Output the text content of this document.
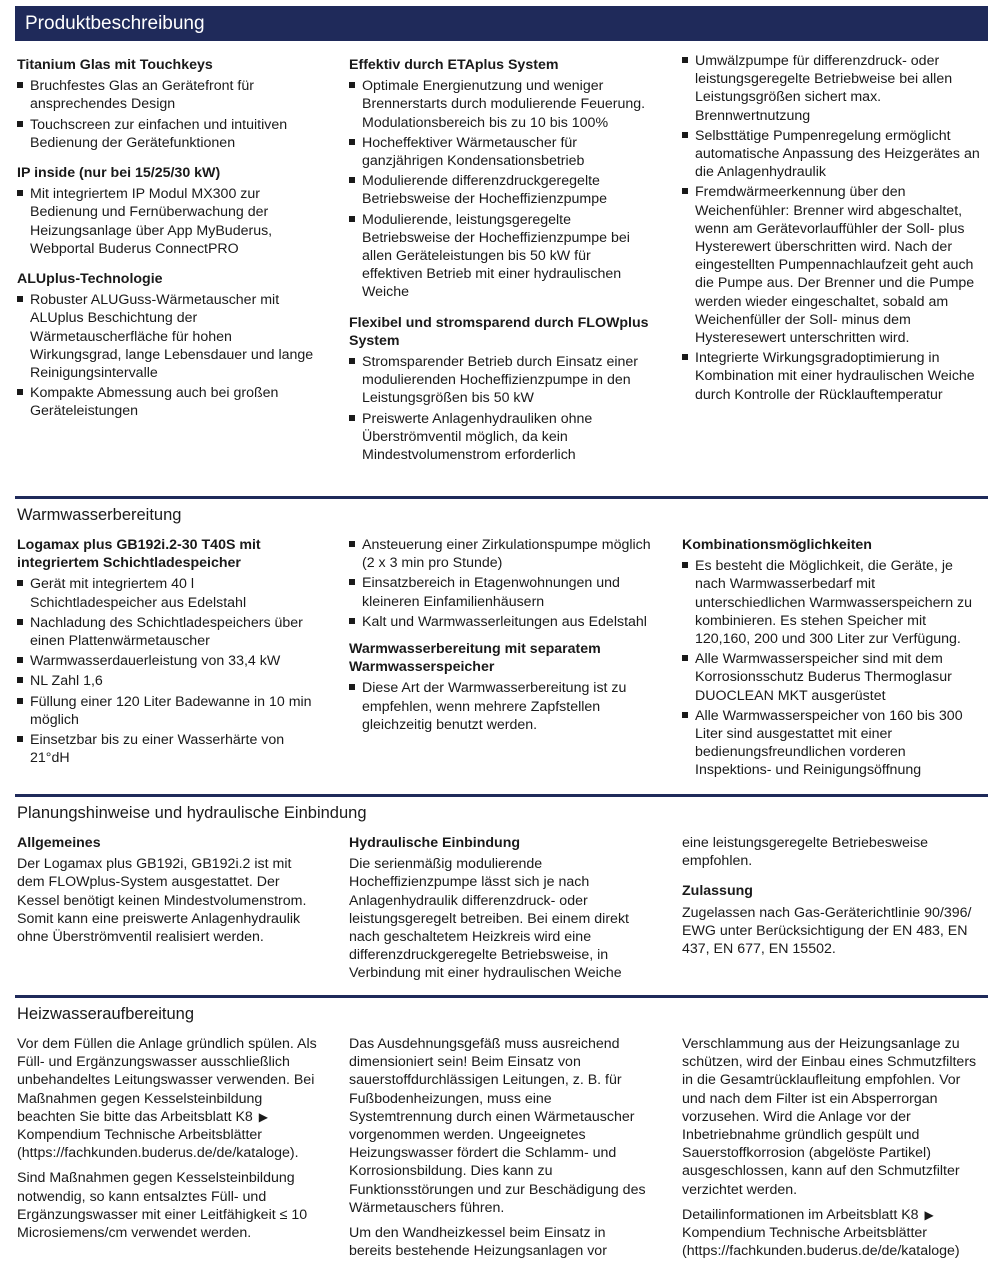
Produktbeschreibung
Titanium Glas mit Touchkeys
Bruchfestes Glas an Gerätefront für ansprechendes Design
Touchscreen zur einfachen und intuitiven Bedienung der Gerätefunktionen
IP inside (nur bei 15/25/30 kW)
Mit integriertem IP Modul MX300 zur Bedienung und Fernüberwachung der Heizungsanlage über App MyBuderus, Webportal Buderus ConnectPRO
ALUplus-Technologie
Robuster ALUGuss-Wärmetauscher mit ALUplus Beschichtung der Wärmetauscherfläche für hohen Wirkungsgrad, lange Lebensdauer und lange Reinigungsintervalle
Kompakte Abmessung auch bei großen Geräteleistungen
Effektiv durch ETAplus System
Optimale Energienutzung und weniger Brennerstarts durch modulierende Feuerung. Modulationsbereich bis zu 10 bis 100%
Hocheffektiver Wärmetauscher für ganzjährigen Kondensationsbetrieb
Modulierende differenzdruckgeregelte Betriebsweise der Hocheffizienzpumpe
Modulierende, leistungsgeregelte Betriebsweise der Hocheffizienzpumpe bei allen Geräteleistungen bis 50 kW für effektiven Betrieb mit einer hydraulischen Weiche
Flexibel und stromsparend durch FLOWplus System
Stromsparender Betrieb durch Einsatz einer modulierenden Hocheffizienzpumpe in den Leistungsgrößen bis 50 kW
Preiswerte Anlagenhydrauliken ohne Überströmventil möglich, da kein Mindestvolumenstrom erforderlich
Umwälzpumpe für differenzdruck- oder leistungsgeregelte Betriebweise bei allen Leistungsgrößen sichert max. Brennwertnutzung
Selbsttätige Pumpenregelung ermöglicht automatische Anpassung des Heizgerätes an die Anlagenhydraulik
Fremdwärmeerkennung über den Weichenfühler: Brenner wird abgeschaltet, wenn am Gerätevorlauffühler der Soll- plus Hysterewert überschritten wird. Nach der eingestellten Pumpennachlaufzeit geht auch die Pumpe aus. Der Brenner und die Pumpe werden wieder eingeschaltet, sobald am Weichenfüller der Soll- minus dem Hysteresewert unterschritten wird.
Integrierte Wirkungsgradoptimierung in Kombination mit einer hydraulischen Weiche durch Kontrolle der Rücklauftemperatur
Warmwasserbereitung
Logamax plus GB192i.2-30 T40S mit integriertem Schichtladespeicher
Gerät mit integriertem 40 l Schichtladespeicher aus Edelstahl
Nachladung des Schichtladespeichers über einen Plattenwärmetauscher
Warmwasserdauerleistung von 33,4 kW
NL Zahl 1,6
Füllung einer 120 Liter Badewanne in 10 min möglich
Einsetzbar bis zu einer Wasserhärte von 21°dH
Ansteuerung einer Zirkulationspumpe möglich (2 x 3 min pro Stunde)
Einsatzbereich in Etagenwohnungen und kleineren Einfamilienhäusern
Kalt und Warmwasserleitungen aus Edelstahl
Warmwasserbereitung mit separatem Warmwasserspeicher
Diese Art der Warmwasserbereitung ist zu empfehlen, wenn mehrere Zapfstellen gleichzeitig benutzt werden.
Kombinationsmöglichkeiten
Es besteht die Möglichkeit, die Geräte, je nach Warmwasserbedarf mit unterschiedlichen Warmwasserspeichern zu kombinieren. Es stehen Speicher mit 120,160, 200 und 300 Liter zur Verfügung.
Alle Warmwasserspeicher sind mit dem Korrosionsschutz Buderus Thermoglasur DUOCLEAN MKT ausgerüstet
Alle Warmwasserspeicher von 160 bis 300 Liter sind ausgestattet mit einer bedienungsfreundlichen vorderen Inspektions- und Reinigungsöffnung
Planungshinweise und hydraulische Einbindung
Allgemeines

Der Logamax plus GB192i, GB192i.2 ist mit dem FLOWplus-System ausgestattet. Der Kessel benötigt keinen Mindestvolumenstrom. Somit kann eine preiswerte Anlagenhydraulik ohne Überströmventil realisiert werden.

Hydraulische Einbindung

Die serienmäßig modulierende Hocheffizienzpumpe lässt sich je nach Anlagenhydraulik differenzdruck- oder leistungsgeregelt betreiben. Bei einem direkt nach geschaltetem Heizkreis wird eine differenzdruckgeregelte Betriebsweise, in Verbindung mit einer hydraulischen Weiche

eine leistungsgeregelte Betriebesweise empfohlen.

Zulassung

Zugelassen nach Gas-Geräterichtlinie 90/396/ EWG unter Berücksichtigung der EN 483, EN 437, EN 677, EN 15502.

Heizwasseraufbereitung

Vor dem Füllen die Anlage gründlich spülen. Als Füll- und Ergänzungswasser ausschließlich unbehandeltes Leitungswasser verwenden. Bei Maßnahmen gegen Kesselsteinbildung beachten Sie bitte das Arbeitsblatt K8 ▶ Kompendium Technische Arbeitsblätter (https://fachkunden.buderus.de/de/kataloge).

Sind Maßnahmen gegen Kesselsteinbildung notwendig, so kann entsalztes Füll- und Ergänzungswasser mit einer Leitfähigkeit ≤ 10 Microsiemens/cm verwendet werden.

Das Ausdehnungsgefäß muss ausreichend dimensioniert sein! Beim Einsatz von sauerstoffdurchlässigen Leitungen, z. B. für Fußbodenheizungen, muss eine Systemtrennung durch einen Wärmetauscher vorgenommen werden. Ungeeignetes Heizungswasser fördert die Schlamm- und Korrosionsbildung. Dies kann zu Funktionsstörungen und zur Beschädigung des Wärmetauschers führen.

Um den Wandheizkessel beim Einsatz in bereits bestehende Heizungsanlagen vor

Verschlammung aus der Heizungsanlage zu schützen, wird der Einbau eines Schmutzfilters in die Gesamtrücklaufleitung empfohlen. Vor und nach dem Filter ist ein Absperrorgan vorzusehen. Wird die Anlage vor der Inbetriebnahme gründlich gespült und Sauerstoffkorrosion (abgelöste Partikel) ausgeschlossen, kann auf den Schmutzfilter verzichtet werden.

Detailinformationen im Arbeitsblatt K8 ▶ Kompendium Technische Arbeitsblätter (https://fachkunden.buderus.de/de/kataloge)
